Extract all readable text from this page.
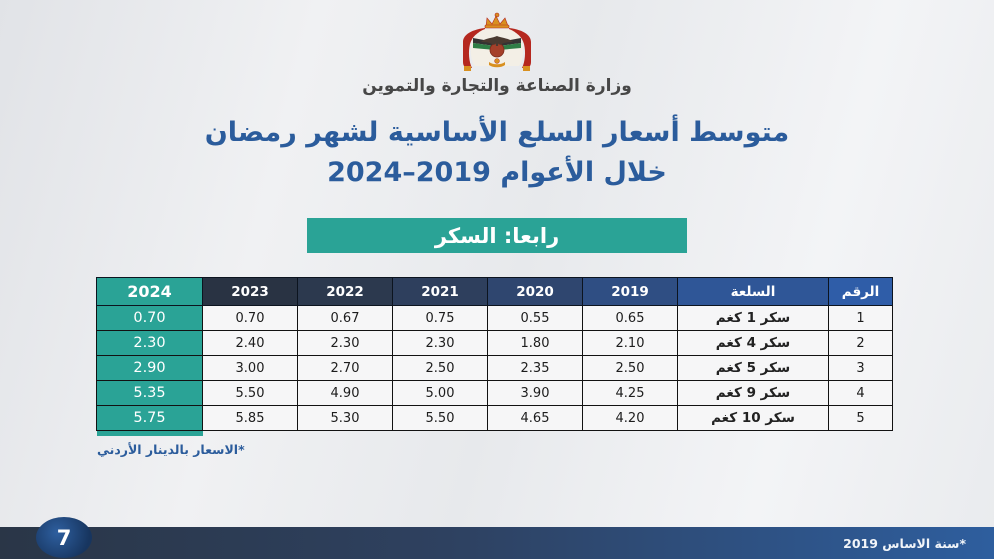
وزارة الصناعة والتجارة والتموين
متوسط أسعار السلع الأساسية لشهر رمضان
خلال الأعوام 2019–2024
رابعا: السكر
الرقم	السلعة	2019	2020	2021	2022	2023	2024
1	سكر 1 كغم	0.65	0.55	0.75	0.67	0.70	0.70
2	سكر 4 كغم	2.10	1.80	2.30	2.30	2.40	2.30
3	سكر 5 كغم	2.50	2.35	2.50	2.70	3.00	2.90
4	سكر 9 كغم	4.25	3.90	5.00	4.90	5.50	5.35
5	سكر 10 كغم	4.20	4.65	5.50	5.30	5.85	5.75
*الاسعار بالدينار الأردني
7	*سنة الاساس 2019
